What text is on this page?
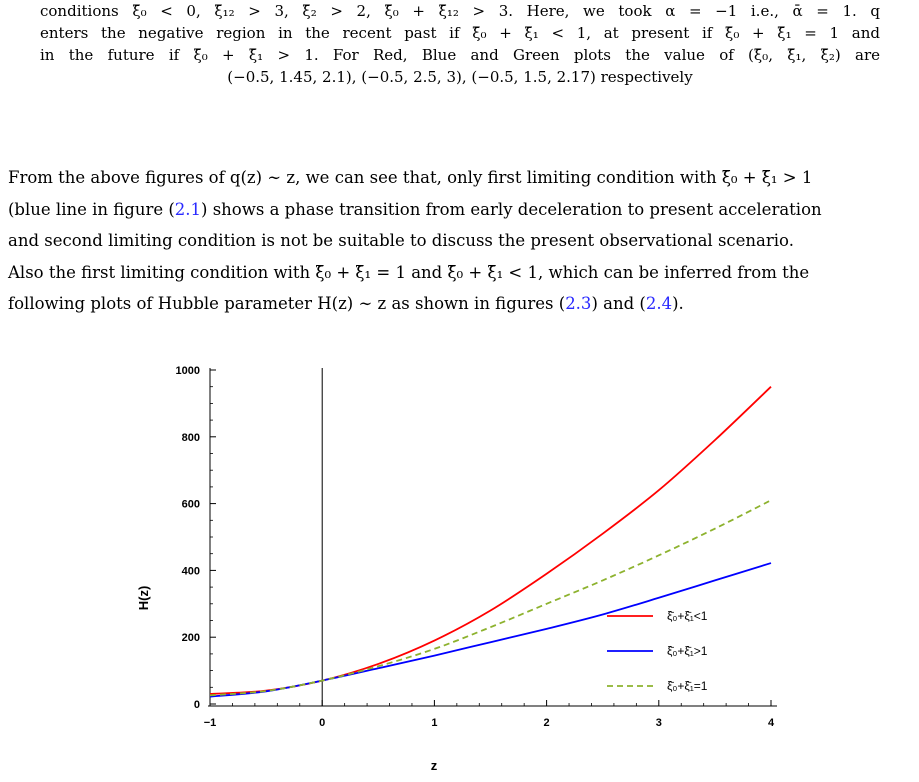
conditions ξ̄₀ < 0, ξ̄₁₂ > 3, ξ̄₂ > 2, ξ̄₀ + ξ̄₁₂ > 3. Here, we took α = −1 i.e., ᾱ = 1. q
enters the negative region in the recent past if ξ̄₀ + ξ̄₁ < 1, at present if ξ̄₀ + ξ̄₁ = 1 and
in the future if ξ̄₀ + ξ̄₁ > 1. For Red, Blue and Green plots the value of (ξ̄₀, ξ̄₁, ξ̄₂) are
(−0.5, 1.45, 2.1), (−0.5, 2.5, 3), (−0.5, 1.5, 2.17) respectively
From the above figures of q(z) ∼ z, we can see that, only first limiting condition with ξ̄₀ + ξ̄₁ > 1
(blue line in figure (2.1) shows a phase transition from early deceleration to present acceleration
and second limiting condition is not be suitable to discuss the present observational scenario.
Also the first limiting condition with ξ̄₀ + ξ̄₁ = 1 and ξ̄₀ + ξ̄₁ < 1, which can be inferred from the
following plots of Hubble parameter H(z) ∼ z as shown in figures (2.3) and (2.4).
0
200
400
600
800
1000
−1	0	1	2	3	4
ξ̄₀+ξ̄₁<1
ξ̄₀+ξ̄₁>1
ξ̄₀+ξ̄₁=1
z
H(z)
